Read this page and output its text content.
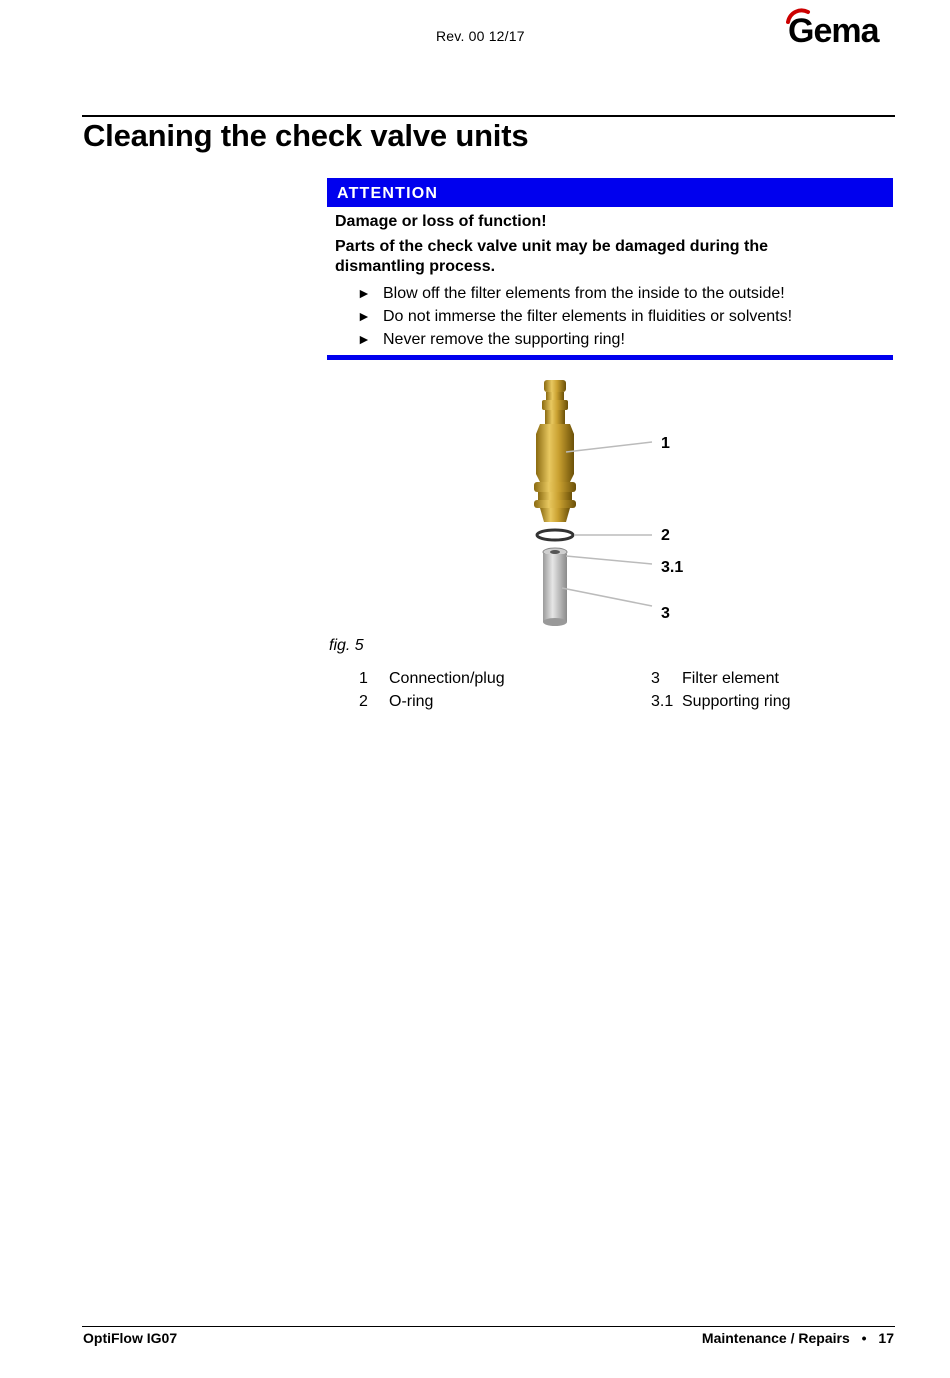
Rev. 00 12/17	Gema
Cleaning the check valve units
ATTENTION
Damage or loss of function!
Parts of the check valve unit may be damaged during the dismantling process.
► Blow off the filter elements from the inside to the outside!
► Do not immerse the filter elements in fluidities or solvents!
► Never remove the supporting ring!
1
2
3.1
3
fig. 5
1	Connection/plug
2	O-ring
3	Filter element
3.1 Supporting ring
OptiFlow IG07	Maintenance / Repairs • 17
